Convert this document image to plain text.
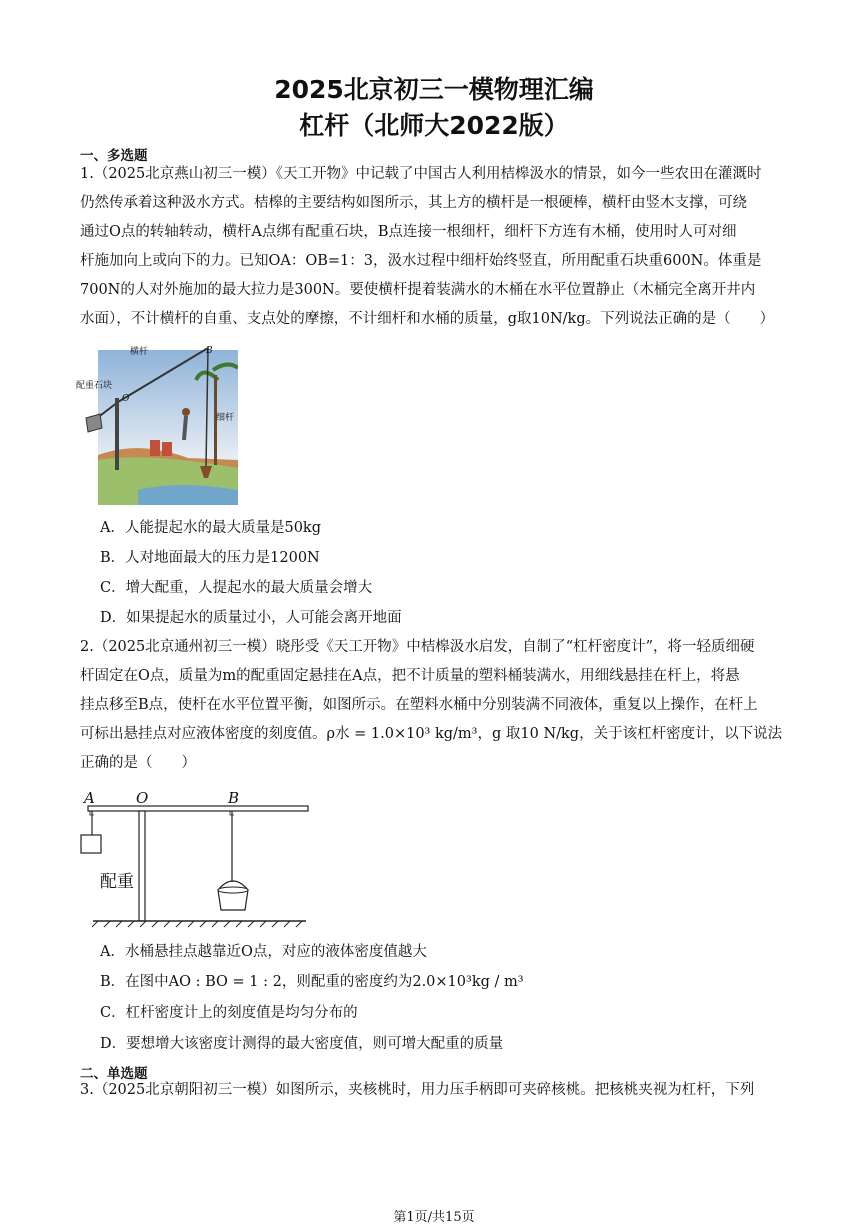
2025北京初三一模物理汇编
杠杆（北师大2022版）
一、多选题
1.（2025北京燕山初三一模）《天工开物》中记载了中国古人利用桔槔汲水的情景，如今一些农田在灌溉时
仍然传承着这种汲水方式。桔槔的主要结构如图所示，其上方的横杆是一根硬棒，横杆由竖木支撑，可绕
通过O点的转轴转动，横杆A点绑有配重石块，B点连接一根细杆，细杆下方连有木桶，使用时人可对细
杆施加向上或向下的力。已知OA：OB=1：3，汲水过程中细杆始终竖直，所用配重石块重600N。体重是
700N的人对外施加的最大拉力是300N。要使横杆提着装满水的木桶在水平位置静止（木桶完全离开井内
水面），不计横杆的自重、支点处的摩擦，不计细杆和水桶的质量，g取10N/kg。下列说法正确的是（　　）
横杆	B
配重石块
O
细杆
A．人能提起水的最大质量是50kg
B．人对地面最大的压力是1200N
C．增大配重，人提起水的最大质量会增大
D．如果提起水的质量过小，人可能会离开地面
2.（2025北京通州初三一模）晓彤受《天工开物》中桔槔汲水启发，自制了“杠杆密度计”，将一轻质细硬
杆固定在O点，质量为m的配重固定悬挂在A点，把不计质量的塑料桶装满水，用细线悬挂在杆上，将悬
挂点移至B点，使杆在水平位置平衡，如图所示。在塑料水桶中分别装满不同液体，重复以上操作，在杆上
可标出悬挂点对应液体密度的刻度值。ρ水 = 1.0×10³ kg/m³，g 取10 N/kg，关于该杠杆密度计，以下说法
正确的是（　　）
A	O	B
配重
A．水桶悬挂点越靠近O点，对应的液体密度值越大
B．在图中AO : BO = 1 : 2，则配重的密度约为2.0×10³kg / m³
C．杠杆密度计上的刻度值是均匀分布的
D．要想增大该密度计测得的最大密度值，则可增大配重的质量
二、单选题
3.（2025北京朝阳初三一模）如图所示，夹核桃时，用力压手柄即可夹碎核桃。把核桃夹视为杠杆，下列
第1页/共15页
